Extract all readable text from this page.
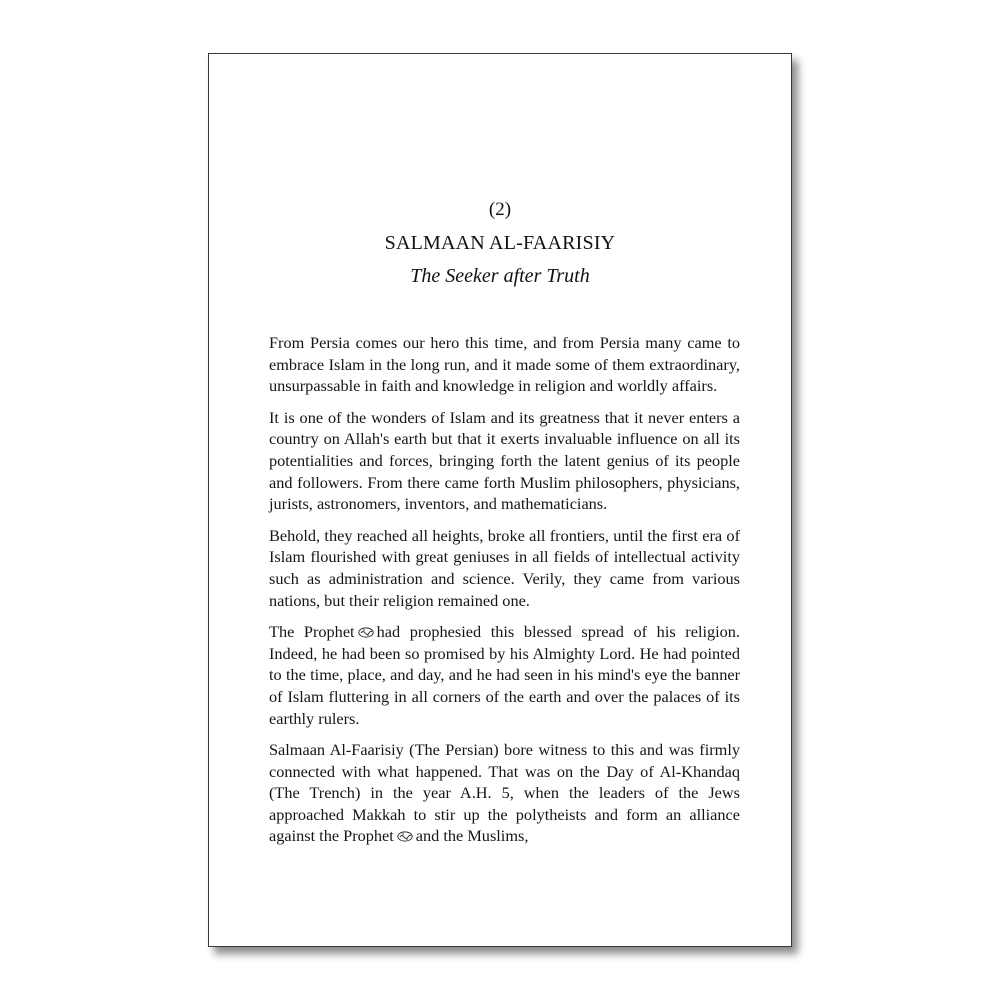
(2)
SALMAAN AL-FAARISIY
The Seeker after Truth

From Persia comes our hero this time, and from Persia many came to embrace Islam in the long run, and it made some of them extraordinary, unsurpassable in faith and knowledge in religion and worldly affairs.

It is one of the wonders of Islam and its greatness that it never enters a country on Allah's earth but that it exerts invaluable influence on all its potentialities and forces, bringing forth the latent genius of its people and followers. From there came forth Muslim philosophers, physicians, jurists, astronomers, inventors, and mathematicians.

Behold, they reached all heights, broke all frontiers, until the first era of Islam flourished with great geniuses in all fields of intellectual activity such as administration and science. Verily, they came from various nations, but their religion remained one.

The Prophet had prophesied this blessed spread of his religion. Indeed, he had been so promised by his Almighty Lord. He had pointed to the time, place, and day, and he had seen in his mind's eye the banner of Islam fluttering in all corners of the earth and over the palaces of its earthly rulers.

Salmaan Al-Faarisiy (The Persian) bore witness to this and was firmly connected with what happened. That was on the Day of Al-Khandaq (The Trench) in the year A.H. 5, when the leaders of the Jews approached Makkah to stir up the polytheists and form an alliance against the Prophet and the Muslims,
